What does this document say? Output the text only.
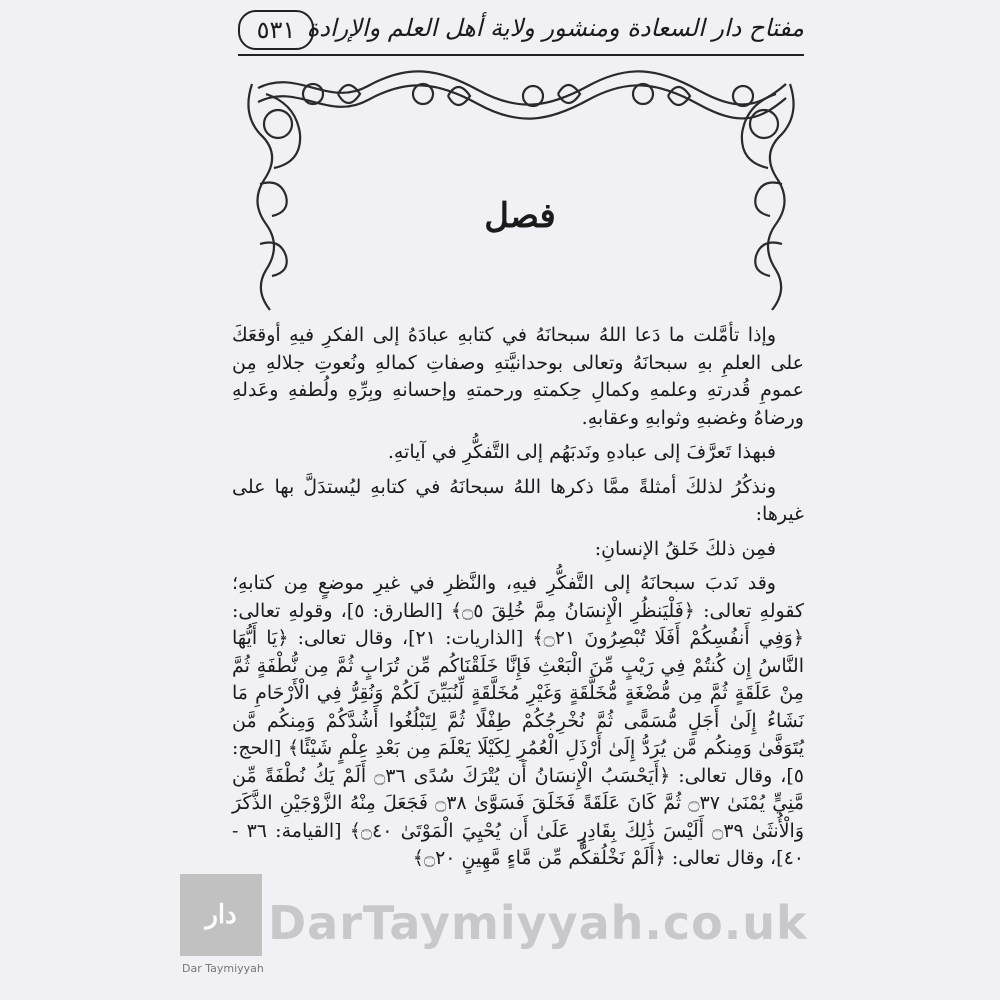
مفتاح دار السعادة ومنشور ولاية أهل العلم والإرادة
٥٣١
فصل

وإذا تأمَّلت ما دَعا اللهُ سبحانَهُ في كتابهِ عبادَهُ إلى الفكرِ فيهِ أوقعَكَ على العلمِ بهِ سبحانَهُ وتعالى بوحدانيَّتهِ وصفاتِ كمالهِ ونُعوتِ جلالهِ مِن عمومِ قُدرتهِ وعلمهِ وكمالِ حِكمتهِ ورحمتهِ وإحسانهِ وبِرِّهِ ولُطفهِ وعَدلهِ ورضاهُ وغضبهِ وثوابهِ وعقابهِ.

فبهذا تَعرَّفَ إلى عبادهِ ونَدبَهُم إلى التَّفكُّرِ في آياتهِ.

ونذكُرُ لذلكَ أمثلةً ممَّا ذكرها اللهُ سبحانَهُ في كتابهِ ليُستدَلَّ بها على غيرها:

فمِن ذلكَ خَلقُ الإنسانِ:

وقد نَدبَ سبحانَهُ إلى التَّفكُّرِ فيهِ، والنَّظرِ في غيرِ موضعٍ مِن كتابهِ؛ كقولهِ تعالى: ﴿فَلْيَنظُرِ الْإِنسَانُ مِمَّ خُلِقَ ۝٥﴾ [الطارق: ٥]، وقولهِ تعالى: ﴿وَفِي أَنفُسِكُمْ أَفَلَا تُبْصِرُونَ ۝٢١﴾ [الذاريات: ٢١]، وقال تعالى: ﴿يَا أَيُّهَا النَّاسُ إِن كُنتُمْ فِي رَيْبٍ مِّنَ الْبَعْثِ فَإِنَّا خَلَقْنَاكُم مِّن تُرَابٍ ثُمَّ مِن نُّطْفَةٍ ثُمَّ مِنْ عَلَقَةٍ ثُمَّ مِن مُّضْغَةٍ مُّخَلَّقَةٍ وَغَيْرِ مُخَلَّقَةٍ لِّنُبَيِّنَ لَكُمْ وَنُقِرُّ فِي الْأَرْحَامِ مَا نَشَاءُ إِلَىٰ أَجَلٍ مُّسَمًّى ثُمَّ نُخْرِجُكُمْ طِفْلًا ثُمَّ لِتَبْلُغُوا أَشُدَّكُمْ وَمِنكُم مَّن يُتَوَفَّىٰ وَمِنكُم مَّن يُرَدُّ إِلَىٰ أَرْذَلِ الْعُمُرِ لِكَيْلَا يَعْلَمَ مِن بَعْدِ عِلْمٍ شَيْئًا﴾ [الحج: ٥]، وقال تعالى: ﴿أَيَحْسَبُ الْإِنسَانُ أَن يُتْرَكَ سُدًى ۝٣٦ أَلَمْ يَكُ نُطْفَةً مِّن مَّنِيٍّ يُمْنَىٰ ۝٣٧ ثُمَّ كَانَ عَلَقَةً فَخَلَقَ فَسَوَّىٰ ۝٣٨ فَجَعَلَ مِنْهُ الزَّوْجَيْنِ الذَّكَرَ وَالْأُنثَىٰ ۝٣٩ أَلَيْسَ ذَٰلِكَ بِقَادِرٍ عَلَىٰ أَن يُحْيِيَ الْمَوْتَىٰ ۝٤٠﴾ [القيامة: ٣٦ - ٤٠]، وقال تعالى: ﴿أَلَمْ نَخْلُقكُّم مِّن مَّاءٍ مَّهِينٍ ۝٢٠﴾

دار
Dar Taymiyyah
DarTaymiyyah.co.uk
